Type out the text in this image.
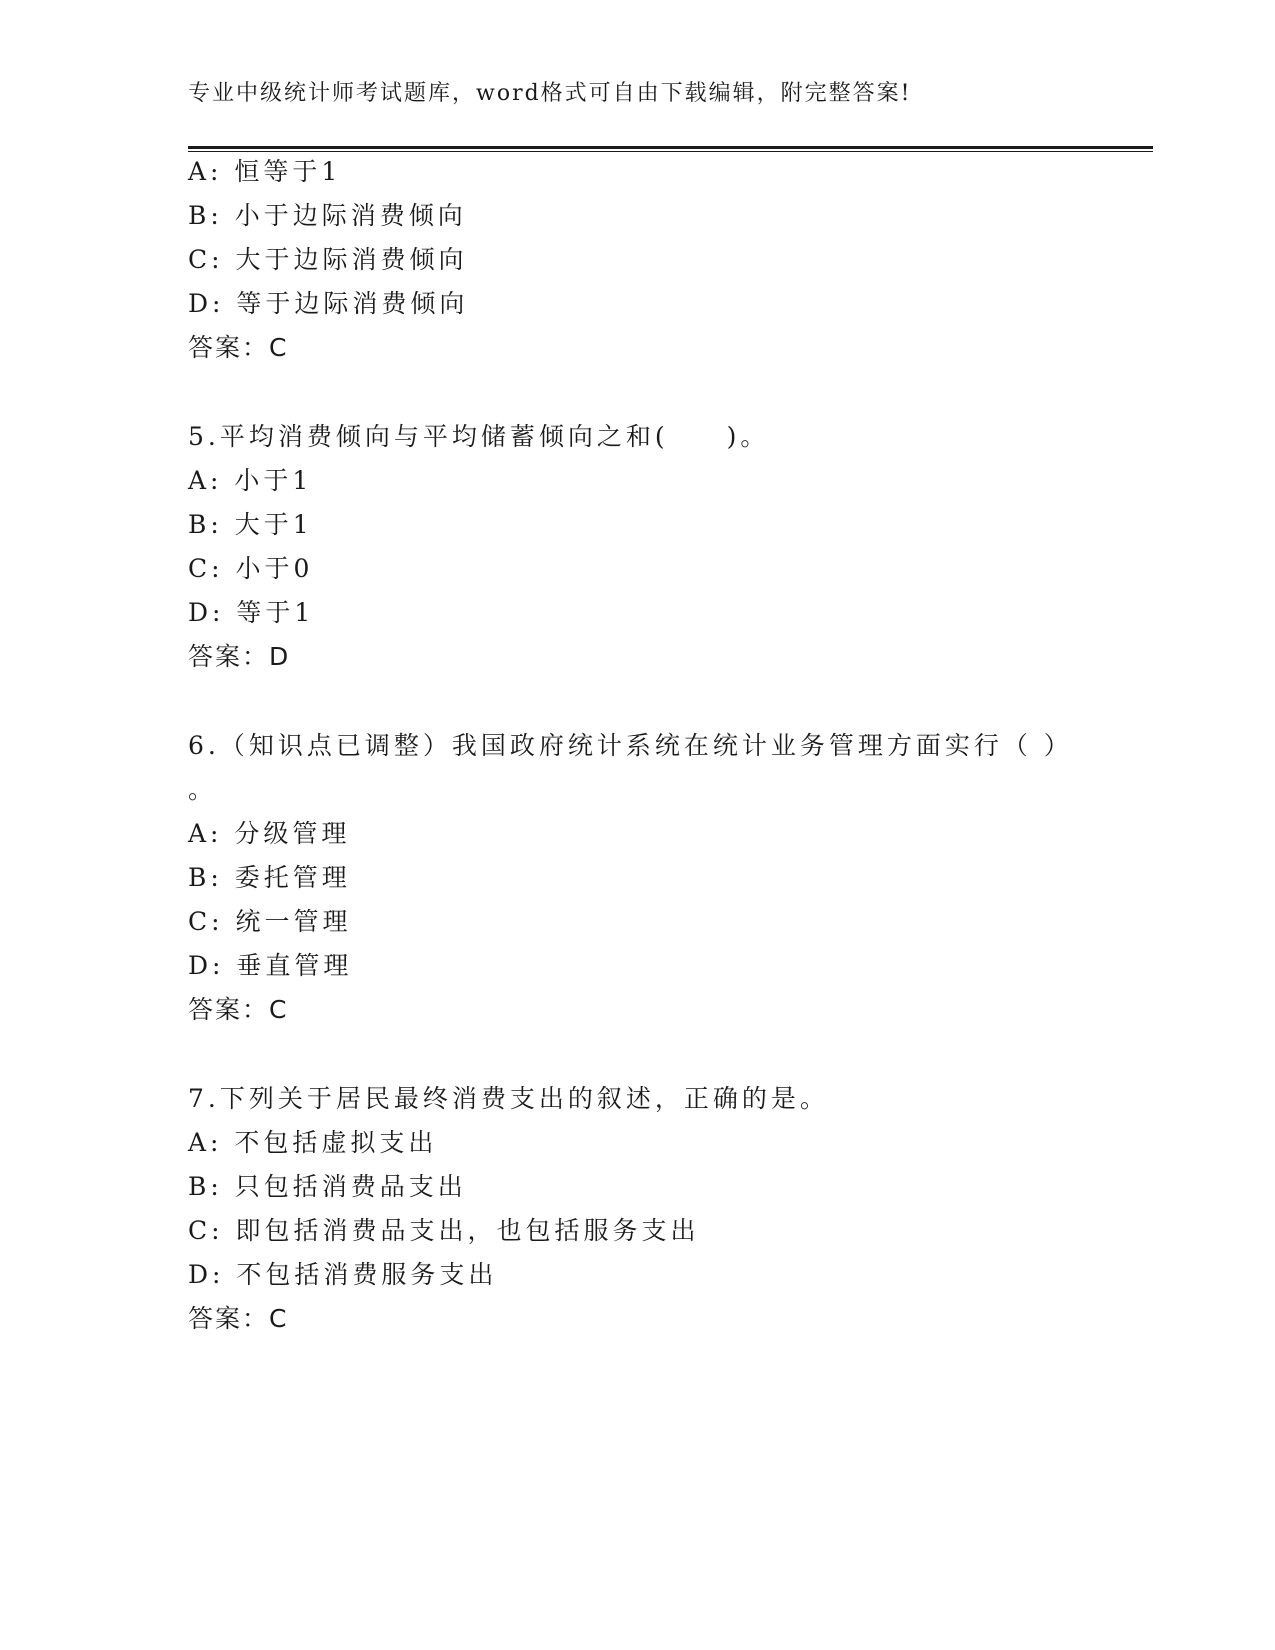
专业中级统计师考试题库，word格式可自由下载编辑，附完整答案!
A: 恒等于1
B: 小于边际消费倾向
C: 大于边际消费倾向
D: 等于边际消费倾向
答案：C
5.平均消费倾向与平均储蓄倾向之和(　　)。
A: 小于1
B: 大于1
C: 小于0
D: 等于1
答案：D
6.（知识点已调整）我国政府统计系统在统计业务管理方面实行（ ）
。
A: 分级管理
B: 委托管理
C: 统一管理
D: 垂直管理
答案：C
7.下列关于居民最终消费支出的叙述，正确的是。
A: 不包括虚拟支出
B: 只包括消费品支出
C: 即包括消费品支出，也包括服务支出
D: 不包括消费服务支出
答案：C
